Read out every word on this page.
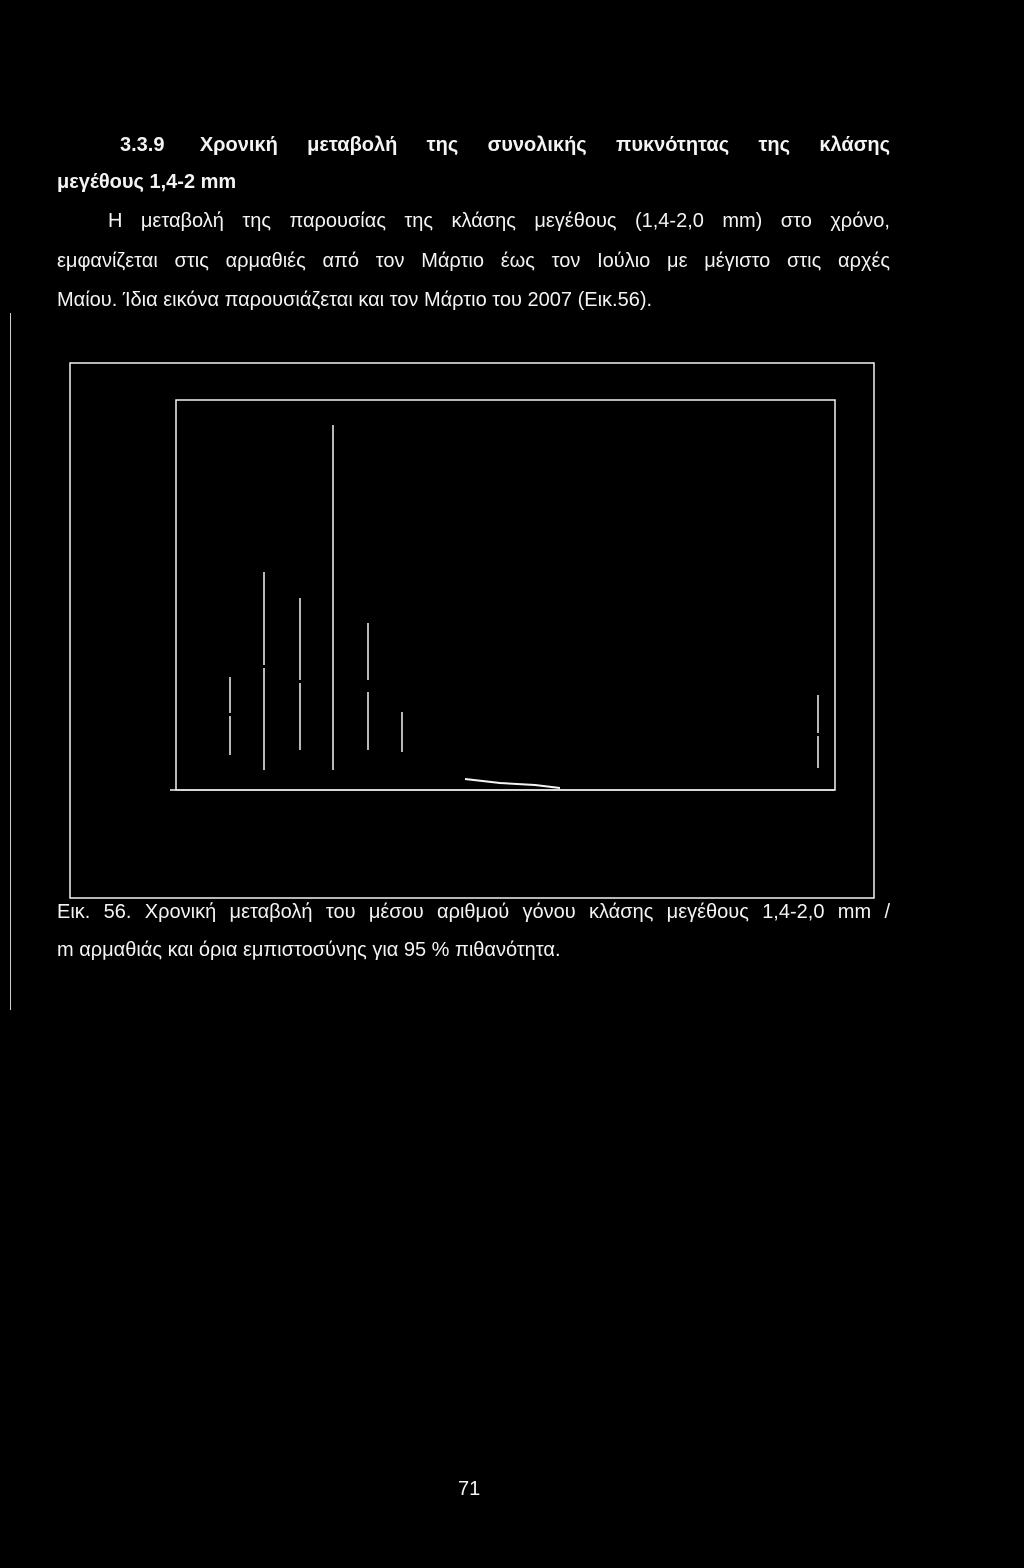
3.3.9 Χρονική μεταβολή της συνολικής πυκνότητας της κλάσης
μεγέθους 1,4-2 mm
Η μεταβολή της παρουσίας της κλάσης μεγέθους (1,4-2,0 mm) στο χρόνο,
εμφανίζεται στις αρμαθιές από τον Μάρτιο έως τον Ιούλιο με μέγιστο στις αρχές
Μαίου. Ίδια εικόνα παρουσιάζεται και τον Μάρτιο του 2007 (Εικ.56).
Εικ. 56. Χρονική μεταβολή του μέσου αριθμού γόνου κλάσης μεγέθους 1,4-2,0 mm /
m αρμαθιάς και όρια εμπιστοσύνης για 95 % πιθανότητα.
71
